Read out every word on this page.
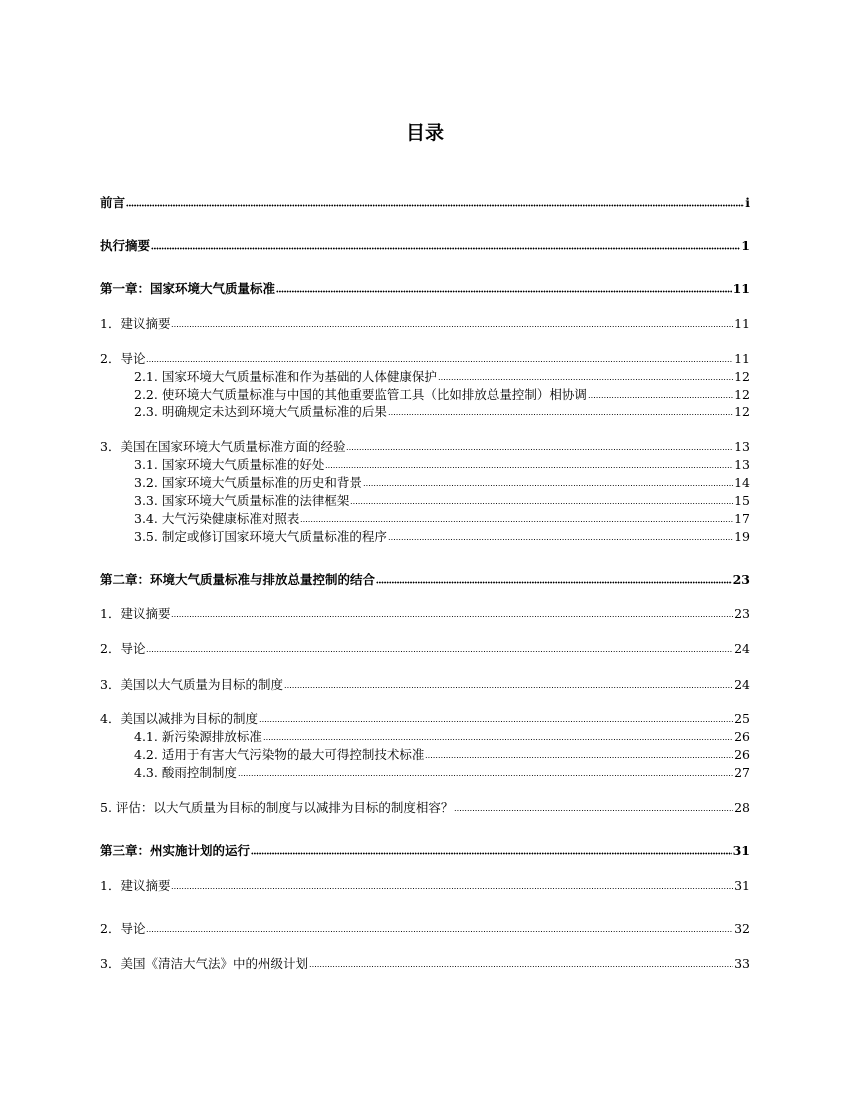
目录
前言	i
执行摘要	1
第一章：国家环境大气质量标准	11
1．建议摘要	11
2．导论	11
2.1. 国家环境大气质量标准和作为基础的人体健康保护	12
2.2. 使环境大气质量标准与中国的其他重要监管工具（比如排放总量控制）相协调	12
2.3. 明确规定未达到环境大气质量标准的后果	12
3．美国在国家环境大气质量标准方面的经验	13
3.1. 国家环境大气质量标准的好处	13
3.2. 国家环境大气质量标准的历史和背景	14
3.3. 国家环境大气质量标准的法律框架	15
3.4. 大气污染健康标准对照表	17
3.5. 制定或修订国家环境大气质量标准的程序	19
第二章：环境大气质量标准与排放总量控制的结合	23
1．建议摘要	23
2．导论	24
3．美国以大气质量为目标的制度	24
4．美国以减排为目标的制度	25
4.1. 新污染源排放标准	26
4.2. 适用于有害大气污染物的最大可得控制技术标准	26
4.3. 酸雨控制制度	27
5. 评估：以大气质量为目标的制度与以减排为目标的制度相容？	28
第三章：州实施计划的运行	31
1．建议摘要	31
2．导论	32
3．美国《清洁大气法》中的州级计划	33
